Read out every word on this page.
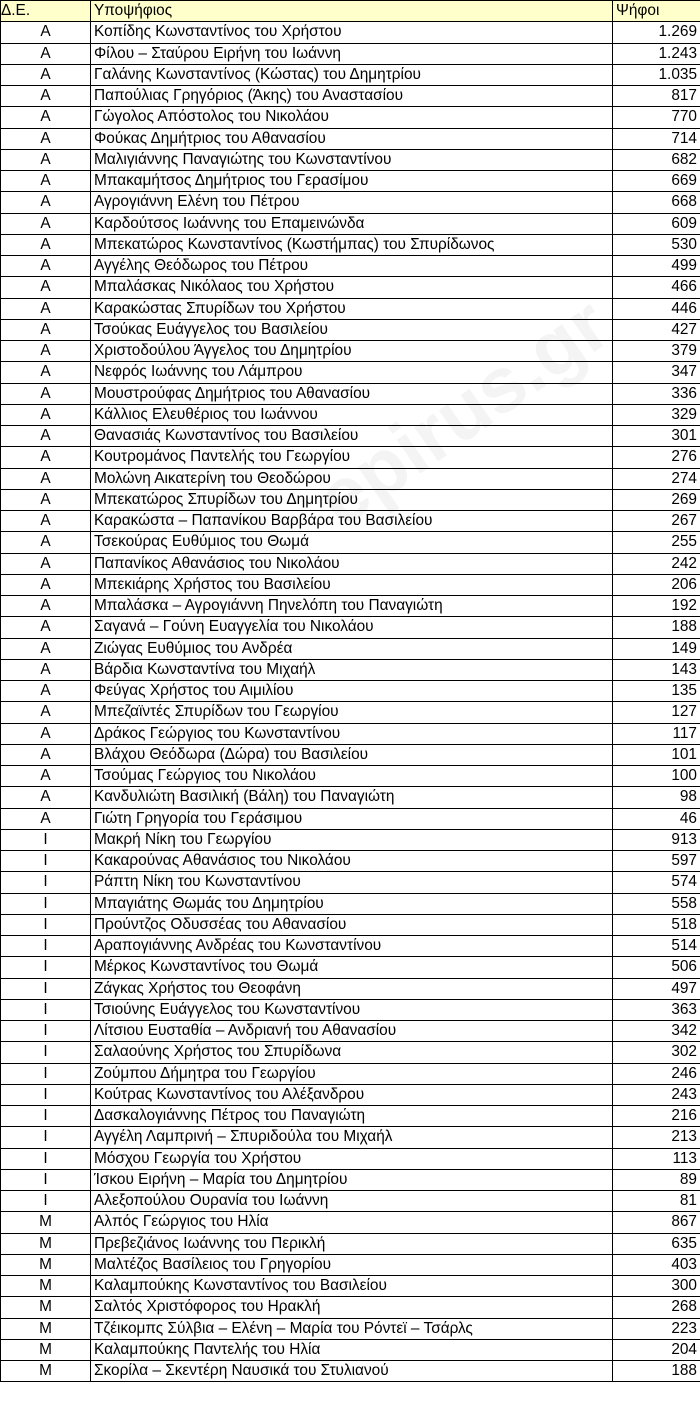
Δ.Ε.	Υποψήφιος	Ψήφοι
Α	Κοπίδης Κωνσταντίνος του Χρήστου	1.269
Α	Φίλου – Σταύρου Ειρήνη του Ιωάννη	1.243
Α	Γαλάνης Κωνσταντίνος (Κώστας) του Δημητρίου	1.035
Α	Παπούλιας Γρηγόριος (Άκης) του Αναστασίου	817
Α	Γώγολος Απόστολος του Νικολάου	770
Α	Φούκας Δημήτριος του Αθανασίου	714
Α	Μαλιγιάννης Παναγιώτης του Κωνσταντίνου	682
Α	Μπακαμήτσος Δημήτριος του Γερασίμου	669
Α	Αγρογιάννη Ελένη του Πέτρου	668
Α	Καρδούτσος Ιωάννης του Επαμεινώνδα	609
Α	Μπεκατώρος Κωνσταντίνος (Κωστήμπας) του Σπυρίδωνος	530
Α	Αγγέλης Θεόδωρος του Πέτρου	499
Α	Μπαλάσκας Νικόλαος του Χρήστου	466
Α	Καρακώστας Σπυρίδων του Χρήστου	446
Α	Τσούκας Ευάγγελος του Βασιλείου	427
Α	Χριστοδούλου Άγγελος του Δημητρίου	379
Α	Νεφρός Ιωάννης του Λάμπρου	347
Α	Μουστρούφας Δημήτριος του Αθανασίου	336
Α	Κάλλιος Ελευθέριος του Ιωάννου	329
Α	Θανασιάς Κωνσταντίνος του Βασιλείου	301
Α	Κουτρομάνος Παντελής του Γεωργίου	276
Α	Μολώνη Αικατερίνη του Θεοδώρου	274
Α	Μπεκατώρος Σπυρίδων του Δημητρίου	269
Α	Καρακώστα – Παπανίκου Βαρβάρα του Βασιλείου	267
Α	Τσεκούρας Ευθύμιος του Θωμά	255
Α	Παπανίκος Αθανάσιος του Νικολάου	242
Α	Μπεκιάρης Χρήστος του Βασιλείου	206
Α	Μπαλάσκα – Αγρογιάννη Πηνελόπη του Παναγιώτη	192
Α	Σαγανά – Γούνη Ευαγγελία του Νικολάου	188
Α	Ζιώγας Ευθύμιος του Ανδρέα	149
Α	Βάρδια Κωνσταντίνα του Μιχαήλ	143
Α	Φεύγας Χρήστος του Αιμιλίου	135
Α	Μπεζαϊντές Σπυρίδων του Γεωργίου	127
Α	Δράκος Γεώργιος του Κωνσταντίνου	117
Α	Βλάχου Θεόδωρα (Δώρα) του Βασιλείου	101
Α	Τσούμας Γεώργιος του Νικολάου	100
Α	Κανδυλιώτη Βασιλική (Βάλη) του Παναγιώτη	98
Α	Γιώτη Γρηγορία του Γεράσιμου	46
Ι	Μακρή Νίκη του Γεωργίου	913
Ι	Κακαρούνας Αθανάσιος του Νικολάου	597
Ι	Ράπτη Νίκη του Κωνσταντίνου	574
Ι	Μπαγιάτης Θωμάς του Δημητρίου	558
Ι	Προύντζος Οδυσσέας του Αθανασίου	518
Ι	Αραπογιάννης Ανδρέας του Κωνσταντίνου	514
Ι	Μέρκος Κωνσταντίνος του Θωμά	506
Ι	Ζάγκας Χρήστος του Θεοφάνη	497
Ι	Τσιούνης Ευάγγελος του Κωνσταντίνου	363
Ι	Λίτσιου Ευσταθία – Ανδριανή του Αθανασίου	342
Ι	Σαλαούνης Χρήστος του Σπυρίδωνα	302
Ι	Ζούμπου Δήμητρα του Γεωργίου	246
Ι	Κούτρας Κωνσταντίνος του Αλέξανδρου	243
Ι	Δασκαλογιάννης Πέτρος του Παναγιώτη	216
Ι	Αγγέλη Λαμπρινή – Σπυριδούλα του Μιχαήλ	213
Ι	Μόσχου Γεωργία του Χρήστου	113
Ι	Ίσκου Ειρήνη – Μαρία του Δημητρίου	89
Ι	Αλεξοπούλου Ουρανία του Ιωάννη	81
Μ	Αλπός Γεώργιος του Ηλία	867
Μ	Πρεβεζιάνος Ιωάννης του Περικλή	635
Μ	Μαλτέζος Βασίλειος του Γρηγορίου	403
Μ	Καλαμπούκης Κωνσταντίνος του Βασιλείου	300
Μ	Σαλτός Χριστόφορος του Ηρακλή	268
Μ	Τζέικομπς Σύλβια – Ελένη – Μαρία του Ρόντεϊ – Τσάρλς	223
Μ	Καλαμπούκης Παντελής του Ηλία	204
Μ	Σκορίλα – Σκεντέρη Ναυσικά του Στυλιανού	188
